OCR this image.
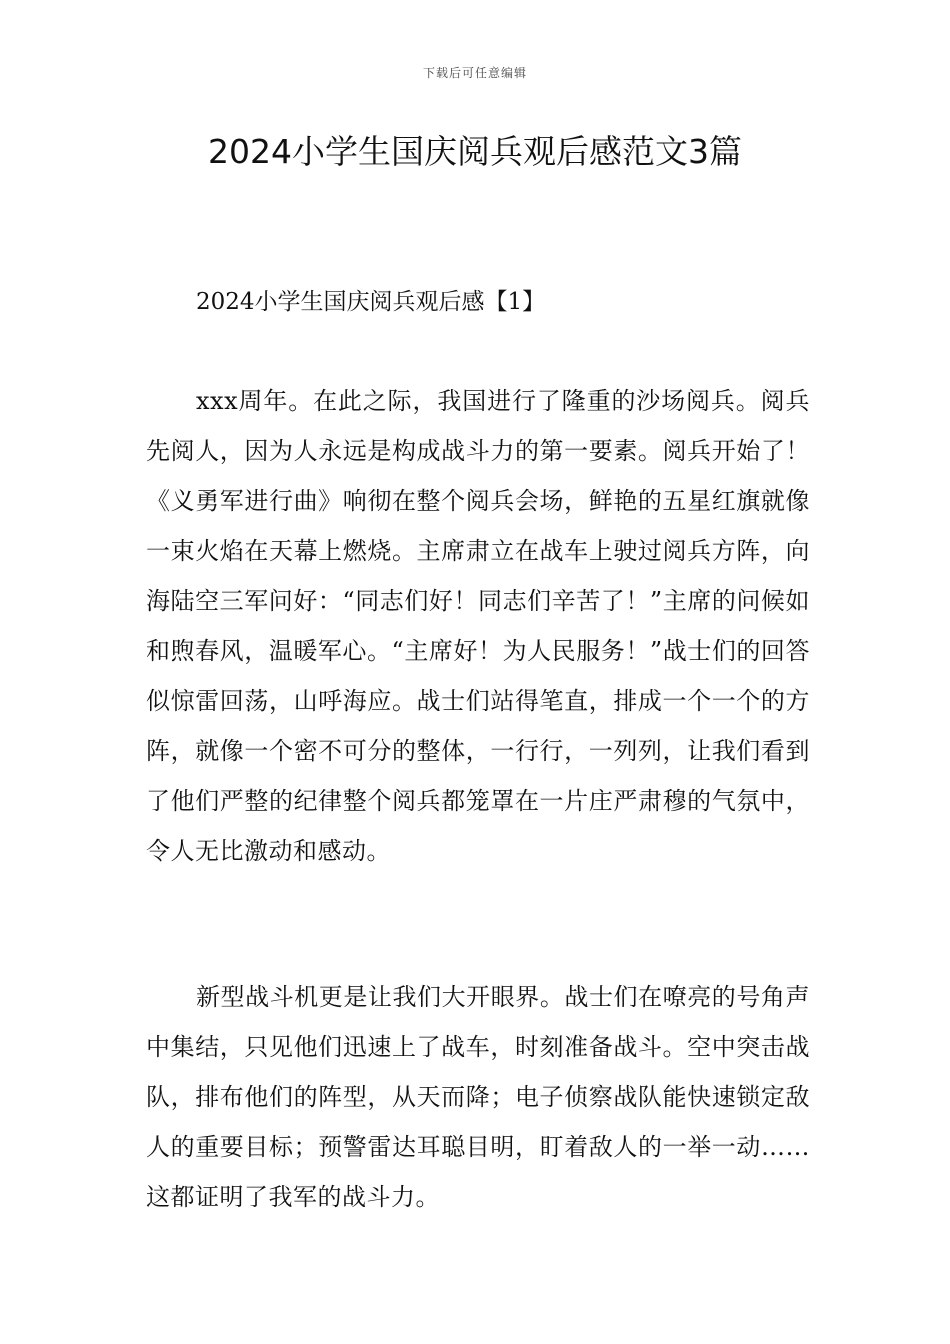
下载后可任意编辑
2024小学生国庆阅兵观后感范文3篇
2024小学生国庆阅兵观后感【1】

xxx周年。在此之际，我国进行了隆重的沙场阅兵。阅兵先阅人，因为人永远是构成战斗力的第一要素。阅兵开始了！《义勇军进行曲》响彻在整个阅兵会场，鲜艳的五星红旗就像一束火焰在天幕上燃烧。主席肃立在战车上驶过阅兵方阵，向海陆空三军问好：“同志们好！同志们辛苦了！”主席的问候如和煦春风，温暖军心。“主席好！为人民服务！”战士们的回答似惊雷回荡，山呼海应。战士们站得笔直，排成一个一个的方阵，就像一个密不可分的整体，一行行，一列列，让我们看到了他们严整的纪律整个阅兵都笼罩在一片庄严肃穆的气氛中，令人无比激动和感动。

新型战斗机更是让我们大开眼界。战士们在嘹亮的号角声中集结，只见他们迅速上了战车，时刻准备战斗。空中突击战队，排布他们的阵型，从天而降；电子侦察战队能快速锁定敌人的重要目标；预警雷达耳聪目明，盯着敌人的一举一动……这都证明了我军的战斗力。
